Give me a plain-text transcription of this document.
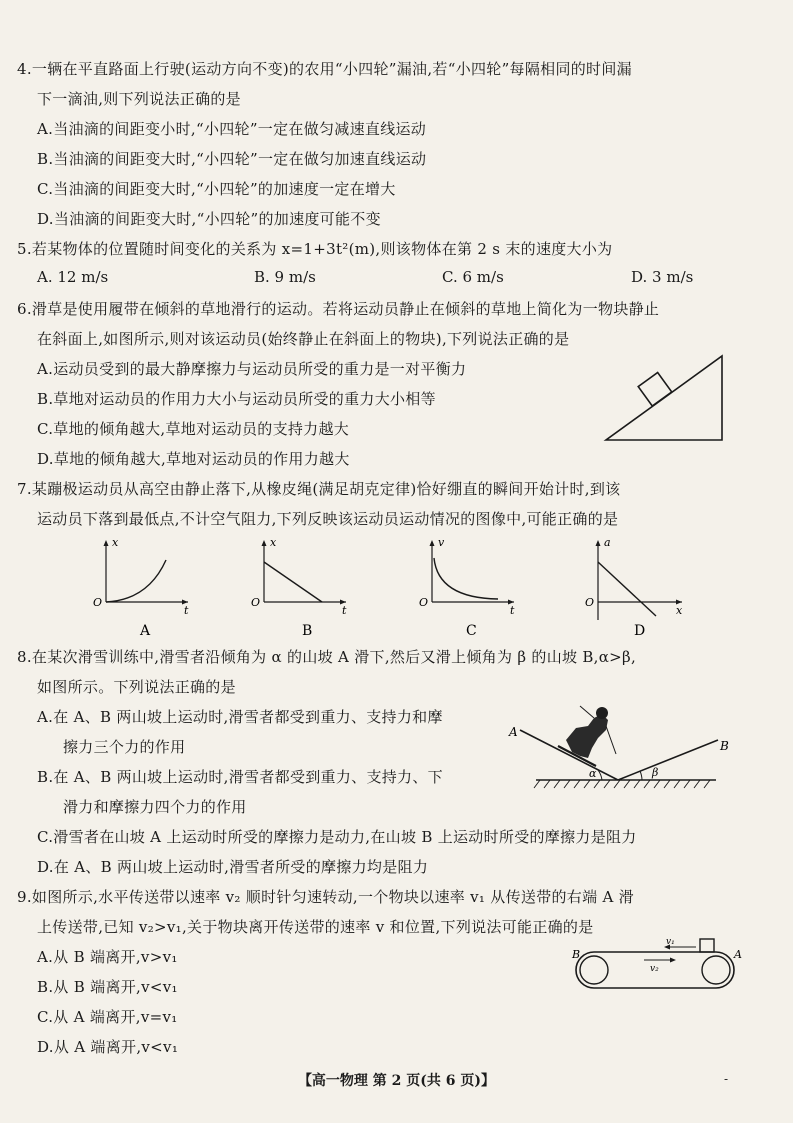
4.一辆在平直路面上行驶(运动方向不变)的农用“小四轮”漏油,若“小四轮”每隔相同的时间漏
下一滴油,则下列说法正确的是
A.当油滴的间距变小时,“小四轮”一定在做匀减速直线运动
B.当油滴的间距变大时,“小四轮”一定在做匀加速直线运动
C.当油滴的间距变大时,“小四轮”的加速度一定在增大
D.当油滴的间距变大时,“小四轮”的加速度可能不变
5.若某物体的位置随时间变化的关系为 x=1+3t²(m),则该物体在第 2 s 末的速度大小为
A. 12 m/s	B. 9 m/s	C. 6 m/s	D. 3 m/s
6.滑草是使用履带在倾斜的草地滑行的运动。若将运动员静止在倾斜的草地上简化为一物块静止
在斜面上,如图所示,则对该运动员(始终静止在斜面上的物块),下列说法正确的是
A.运动员受到的最大静摩擦力与运动员所受的重力是一对平衡力
B.草地对运动员的作用力大小与运动员所受的重力大小相等
C.草地的倾角越大,草地对运动员的支持力越大
D.草地的倾角越大,草地对运动员的作用力越大
7.某蹦极运动员从高空由静止落下,从橡皮绳(满足胡克定律)恰好绷直的瞬间开始计时,到该
运动员下落到最低点,不计空气阻力,下列反映该运动员运动情况的图像中,可能正确的是
x
t
O
A
x
t
O
B
v
t
O
C
a
x
O
D
8.在某次滑雪训练中,滑雪者沿倾角为 α 的山坡 A 滑下,然后又滑上倾角为 β 的山坡 B,α>β,
如图所示。下列说法正确的是
A.在 A、B 两山坡上运动时,滑雪者都受到重力、支持力和摩
擦力三个力的作用
B.在 A、B 两山坡上运动时,滑雪者都受到重力、支持力、下
滑力和摩擦力四个力的作用
C.滑雪者在山坡 A 上运动时所受的摩擦力是动力,在山坡 B 上运动时所受的摩擦力是阻力
D.在 A、B 两山坡上运动时,滑雪者所受的摩擦力均是阻力
A
B
α	β
9.如图所示,水平传送带以速率 v₂ 顺时针匀速转动,一个物块以速率 v₁ 从传送带的右端 A 滑
上传送带,已知 v₂>v₁,关于物块离开传送带的速率 v 和位置,下列说法可能正确的是
A.从 B 端离开,v>v₁
B.从 B 端离开,v<v₁
C.从 A 端离开,v=v₁
D.从 A 端离开,v<v₁
v₁
v₂
B	A
【高一物理 第 2 页(共 6 页)】	-
